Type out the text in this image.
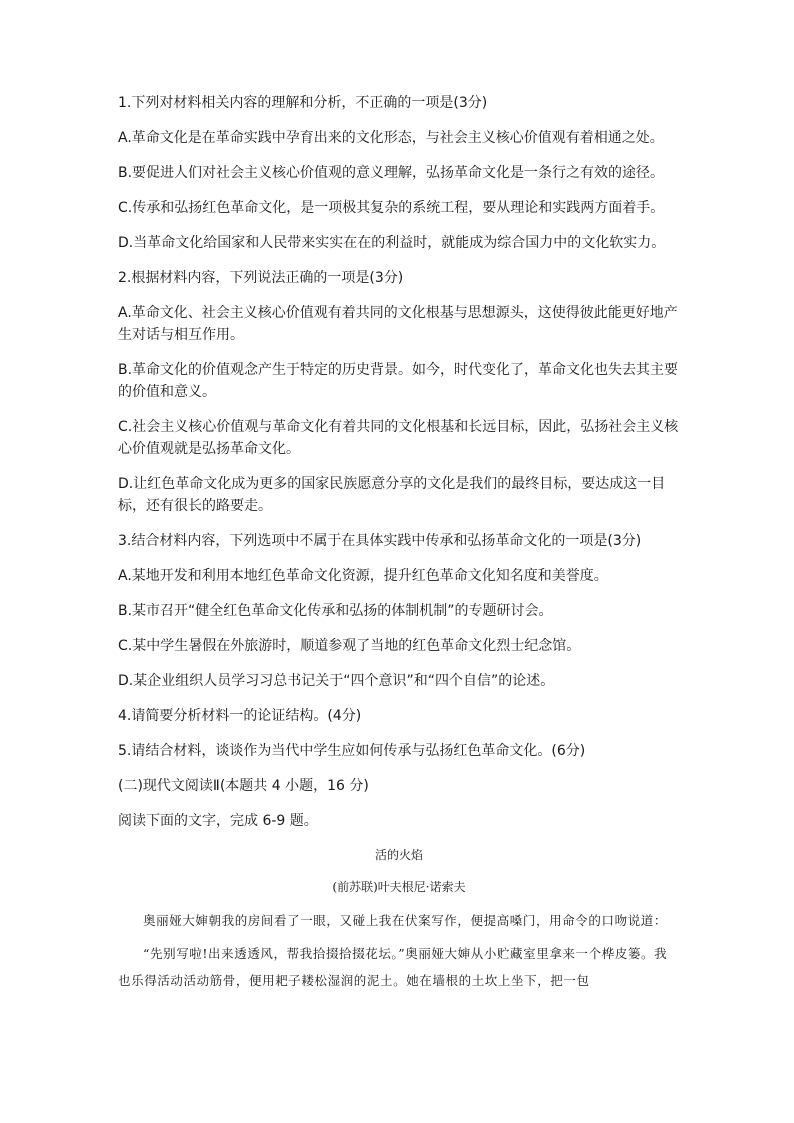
1.下列对材料相关内容的理解和分析，不正确的一项是(3分)
A.革命文化是在革命实践中孕育出来的文化形态，与社会主义核心价值观有着相通之处。
B.要促进人们对社会主义核心价值观的意义理解，弘扬革命文化是一条行之有效的途径。
C.传承和弘扬红色革命文化，是一项极其复杂的系统工程，要从理论和实践两方面着手。
D.当革命文化给国家和人民带来实实在在的利益时，就能成为综合国力中的文化软实力。
2.根据材料内容，下列说法正确的一项是(3分)
A.革命文化、社会主义核心价值观有着共同的文化根基与思想源头，这使得彼此能更好地产生对话与相互作用。
B.革命文化的价值观念产生于特定的历史背景。如今，时代变化了，革命文化也失去其主要的价值和意义。
C.社会主义核心价值观与革命文化有着共同的文化根基和长远目标，因此，弘扬社会主义核心价值观就是弘扬革命文化。
D.让红色革命文化成为更多的国家民族愿意分享的文化是我们的最终目标，要达成这一目标，还有很长的路要走。
3.结合材料内容，下列选项中不属于在具体实践中传承和弘扬革命文化的一项是(3分)
A.某地开发和利用本地红色革命文化资源，提升红色革命文化知名度和美誉度。
B.某市召开“健全红色革命文化传承和弘扬的体制机制”的专题研讨会。
C.某中学生暑假在外旅游时，顺道参观了当地的红色革命文化烈士纪念馆。
D.某企业组织人员学习习总书记关于“四个意识”和“四个自信”的论述。
4.请简要分析材料一的论证结构。(4分)
5.请结合材料，谈谈作为当代中学生应如何传承与弘扬红色革命文化。(6分)
(二)现代文阅读Ⅱ(本题共 4 小题，16 分)
阅读下面的文字，完成 6-9 题。
活的火焰
(前苏联)叶夫根尼·诺索夫
奥丽娅大婶朝我的房间看了一眼，又碰上我在伏案写作，便提高嗓门，用命令的口吻说道：
“先别写啦!出来透透风，帮我拾掇拾掇花坛。”奥丽娅大婶从小贮藏室里拿来一个桦皮篓。我也乐得活动活动筋骨，便用耙子耧松湿润的泥土。她在墙根的土坎上坐下，把一包
